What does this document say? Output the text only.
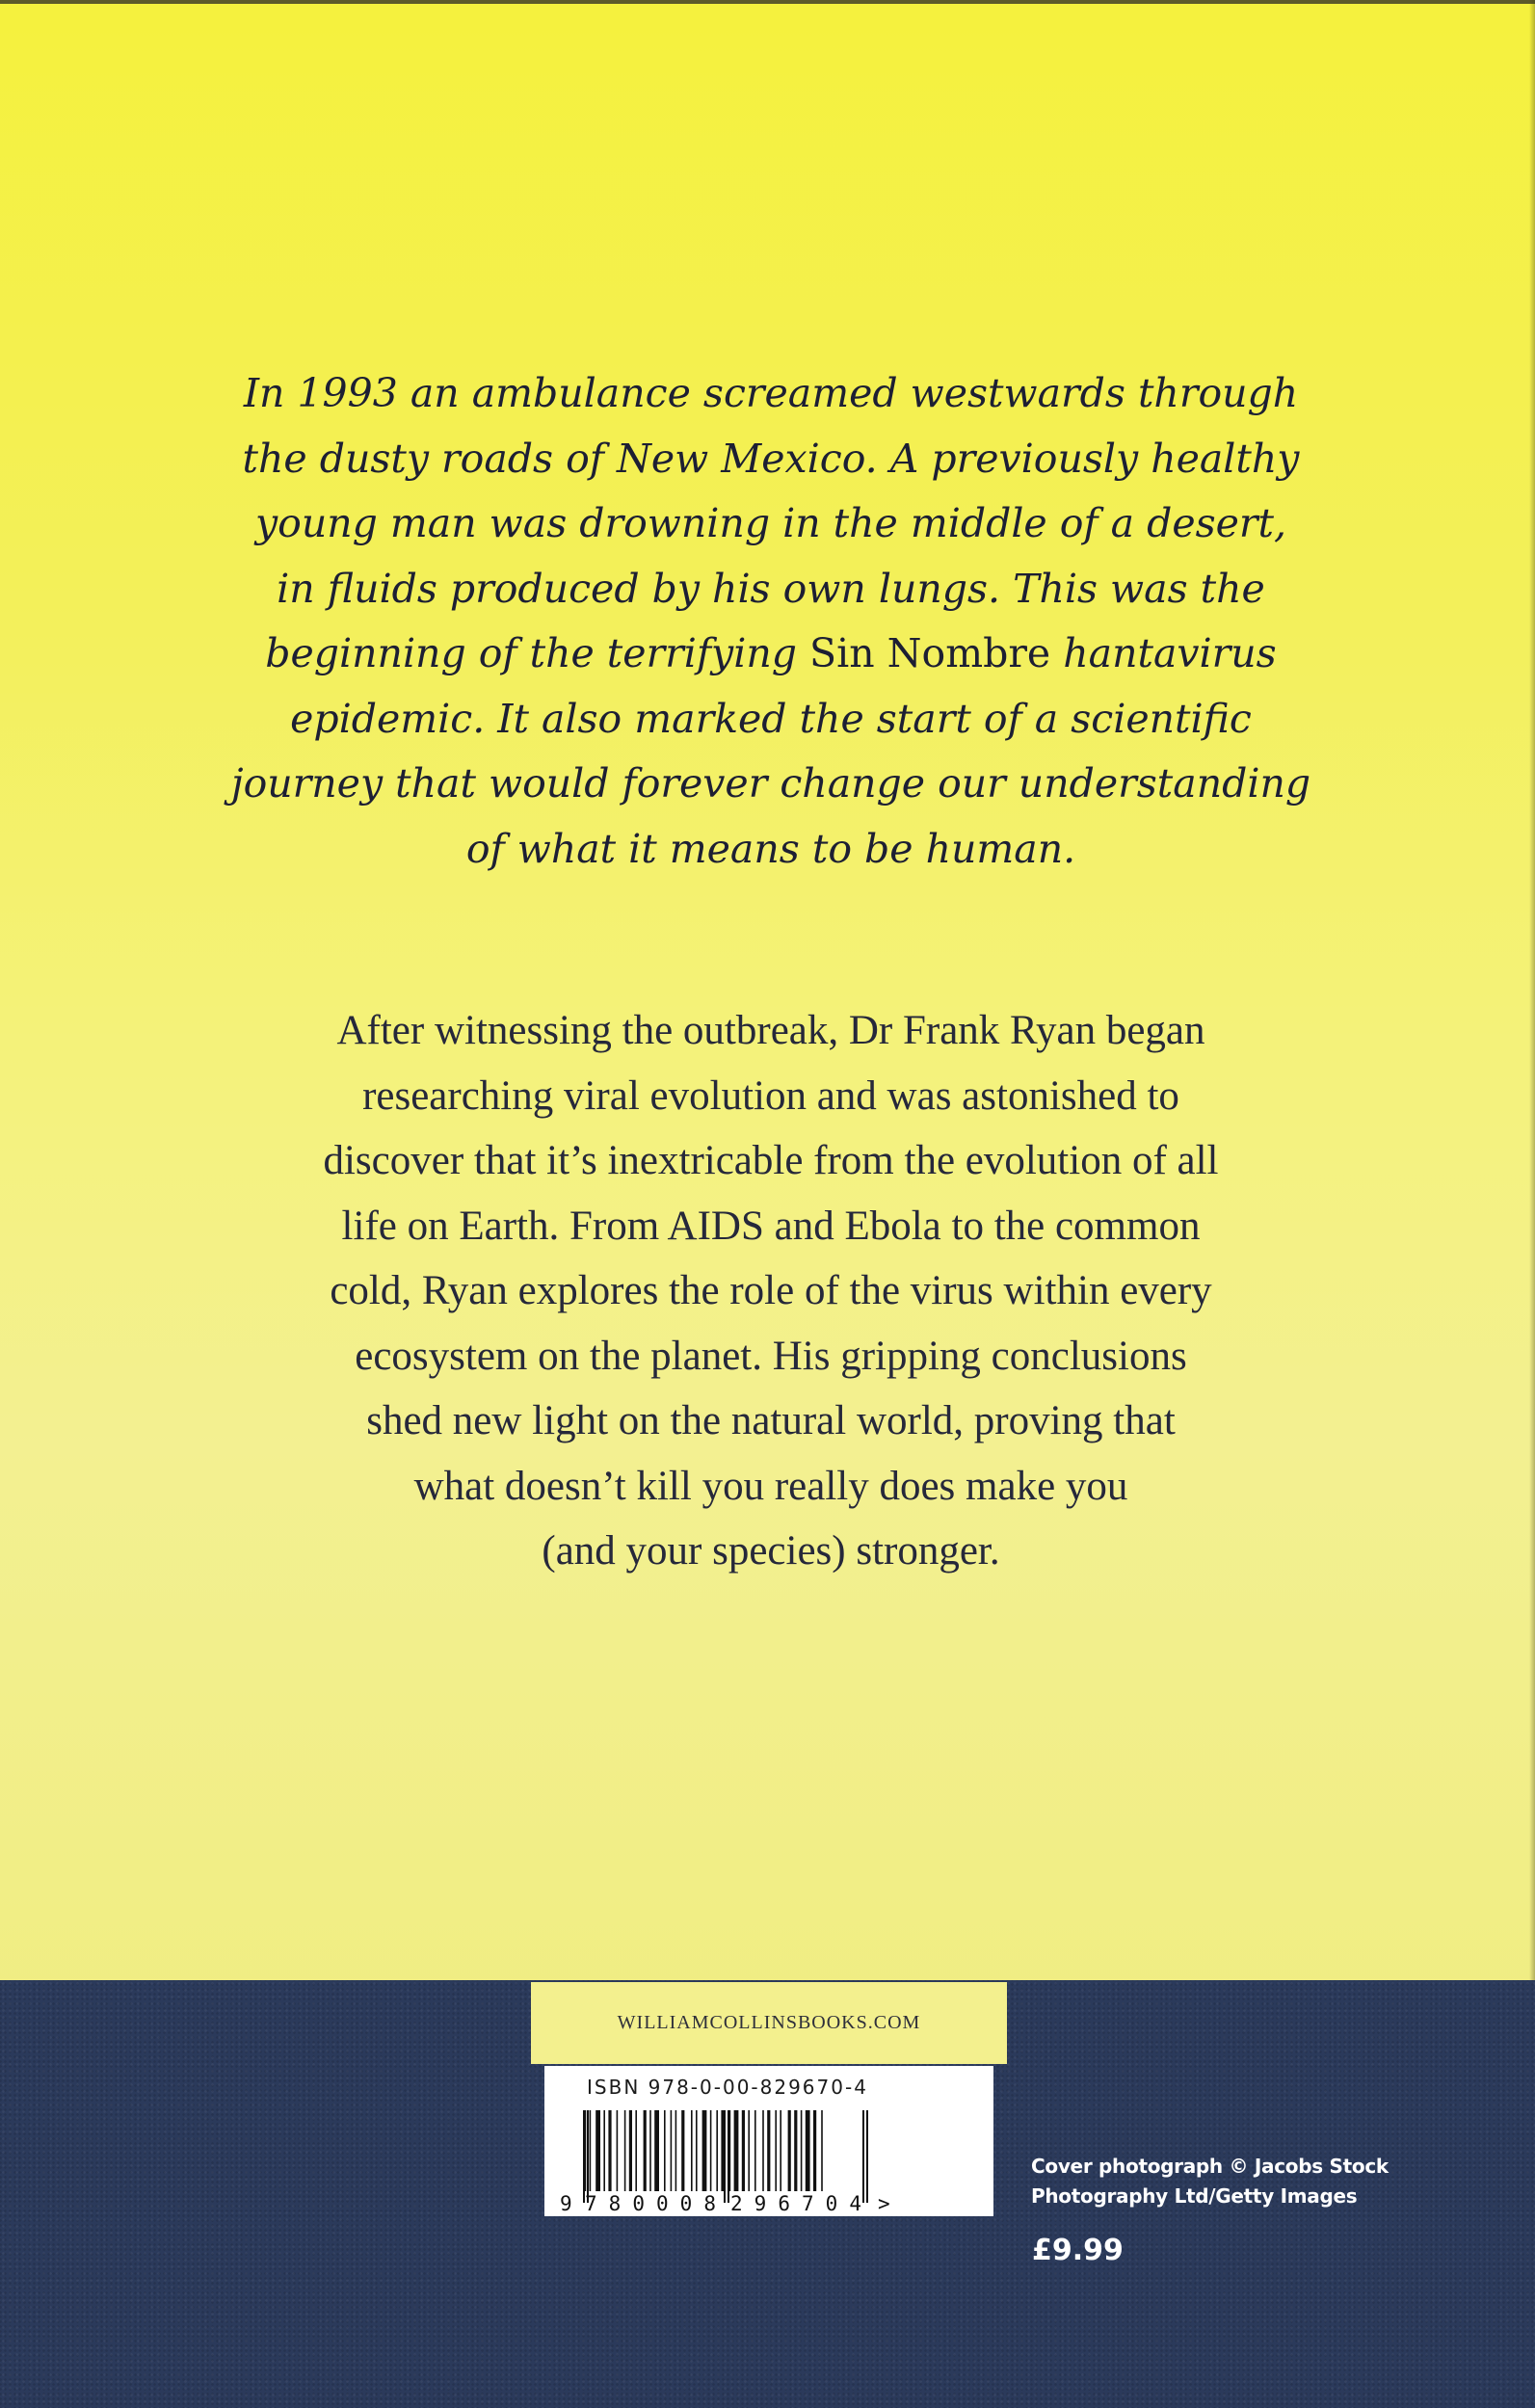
In 1993 an ambulance screamed westwards through
the dusty roads of New Mexico. A previously healthy
young man was drowning in the middle of a desert,
in fluids produced by his own lungs. This was the
beginning of the terrifying Sin Nombre hantavirus
epidemic. It also marked the start of a scientific
journey that would forever change our understanding
of what it means to be human.
After witnessing the outbreak, Dr Frank Ryan began
researching viral evolution and was astonished to
discover that it’s inextricable from the evolution of all
life on Earth. From AIDS and Ebola to the common
cold, Ryan explores the role of the virus within every
ecosystem on the planet. His gripping conclusions
shed new light on the natural world, proving that
what doesn’t kill you really does make you
(and your species) stronger.
WILLIAMCOLLINSBOOKS.COM
ISBN 978-0-00-829670-4
9 780008 296704 >

Cover photograph © Jacobs Stock
Photography Ltd/Getty Images

£9.99
